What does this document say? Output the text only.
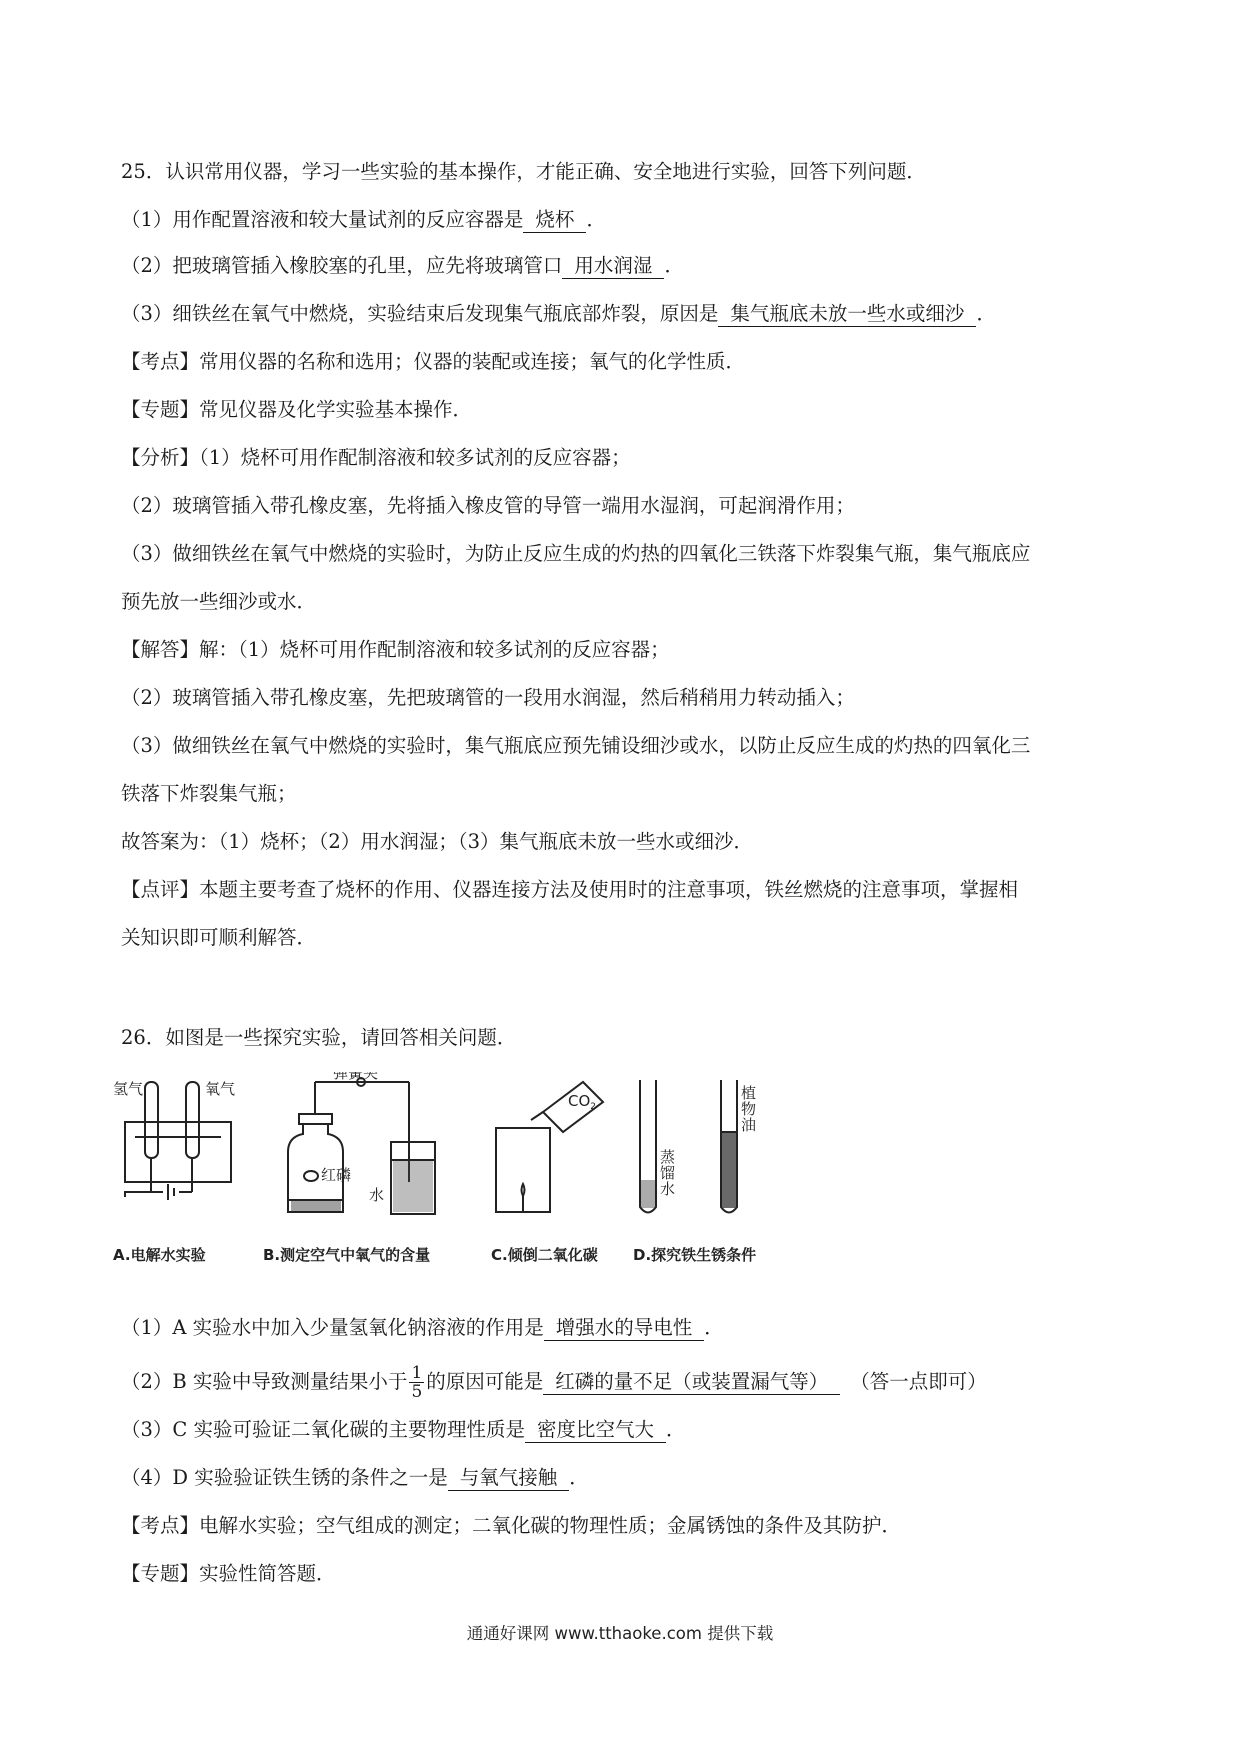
25．认识常用仪器，学习一些实验的基本操作，才能正确、安全地进行实验，回答下列问题．
（1）用作配置溶液和较大量试剂的反应容器是 烧杯 ．
（2）把玻璃管插入橡胶塞的孔里，应先将玻璃管口 用水润湿 ．
（3）细铁丝在氧气中燃烧，实验结束后发现集气瓶底部炸裂，原因是 集气瓶底未放一些水或细沙 ．
【考点】常用仪器的名称和选用；仪器的装配或连接；氧气的化学性质．
【专题】常见仪器及化学实验基本操作．
【分析】（1）烧杯可用作配制溶液和较多试剂的反应容器；
（2）玻璃管插入带孔橡皮塞，先将插入橡皮管的导管一端用水湿润，可起润滑作用；
（3）做细铁丝在氧气中燃烧的实验时，为防止反应生成的灼热的四氧化三铁落下炸裂集气瓶，集气瓶底应
预先放一些细沙或水．
【解答】解：（1）烧杯可用作配制溶液和较多试剂的反应容器；
（2）玻璃管插入带孔橡皮塞，先把玻璃管的一段用水润湿，然后稍稍用力转动插入；
（3）做细铁丝在氧气中燃烧的实验时，集气瓶底应预先铺设细沙或水，以防止反应生成的灼热的四氧化三
铁落下炸裂集气瓶；
故答案为：（1）烧杯；（2）用水润湿；（3）集气瓶底未放一些水或细沙．
【点评】本题主要考查了烧杯的作用、仪器连接方法及使用时的注意事项，铁丝燃烧的注意事项，掌握相
关知识即可顺利解答．
26．如图是一些探究实验，请回答相关问题．
氢气	氧气
弹簧夹
红磷
水
$CO_2$
蒸
馏
水
植
物
油
A.电解水实验	B.测定空气中氧气的含量	C.倾倒二氧化碳 D.探究铁生锈条件
（1）A 实验水中加入少量氢氧化钠溶液的作用是 增强水的导电性 ．
（2）B 实验中导致测量结果小于 $\frac{1}{5}$ 的原因可能是 红磷的量不足（或装置漏气等） （答一点即可）
（3）C 实验可验证二氧化碳的主要物理性质是 密度比空气大 ．
（4）D 实验验证铁生锈的条件之一是 与氧气接触 ．
【考点】电解水实验；空气组成的测定；二氧化碳的物理性质；金属锈蚀的条件及其防护．
【专题】实验性简答题．
通通好课网 www.tthaoke.com 提供下载
